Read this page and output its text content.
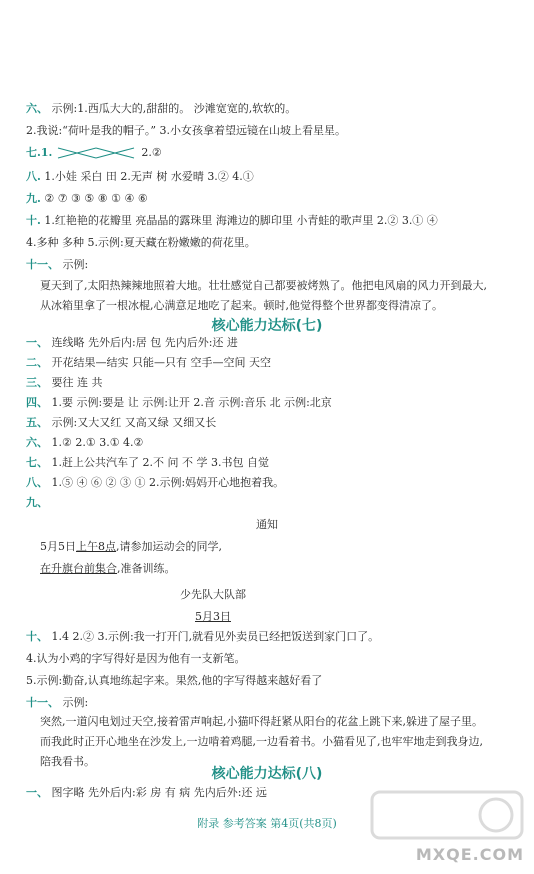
六、 示例:1.西瓜大大的,甜甜的。 沙滩宽宽的,软软的。
2.我说:“荷叶是我的帽子。” 3.小女孩拿着望远镜在山坡上看星星。
七.1.	2.②
八. 1.小娃 采白 田 2.无声 树 水爱晴 3.② 4.①
九. ② ⑦ ③ ⑤ ⑧ ① ④ ⑥
十. 1.红艳艳的花瓣里 亮晶晶的露珠里 海滩边的脚印里 小青蛙的歌声里 2.② 3.① ④
4.多种 多种 5.示例:夏天藏在粉嫩嫩的荷花里。
十一、 示例:
夏天到了,太阳热辣辣地照着大地。壮壮感觉自己都要被烤熟了。他把电风扇的风力开到最大,从冰箱里拿了一根冰棍,心满意足地吃了起来。顿时,他觉得整个世界都变得清凉了。
核心能力达标(七)
一、 连线略 先外后内:居 包 先内后外:还 进
二、 开花结果—结实 只能—只有 空手—空间 天空
三、 要往 连 共
四、 1.要 示例:要是 让 示例:让开 2.音 示例:音乐 北 示例:北京
五、 示例:又大又红 又高又绿 又细又长
六、 1.② 2.① 3.① 4.②
七、 1.赶上公共汽车了 2.不 问 不 学 3.书包 自觉
八、 1.⑤ ④ ⑥ ② ③ ① 2.示例:妈妈开心地抱着我。
九、
通知
5月5日上午8点,请参加运动会的同学,
在升旗台前集合,准备训练。
少先队大队部
5月3日
十、 1.4 2.② 3.示例:我一打开门,就看见外卖员已经把饭送到家门口了。
4.认为小鸡的字写得好是因为他有一支新笔。
5.示例:勤奋,认真地练起字来。果然,他的字写得越来越好看了
十一、 示例:
突然,一道闪电划过天空,接着雷声响起,小猫吓得赶紧从阳台的花盆上跳下来,躲进了屋子里。而我此时正开心地坐在沙发上,一边啃着鸡腿,一边看着书。小猫看见了,也牢牢地走到我身边,陪我看书。
核心能力达标(八)
一、 图字略 先外后内:彩 房 有 病 先内后外:还 远
附录 参考答案 第4页(共8页)
MXQE.COM
